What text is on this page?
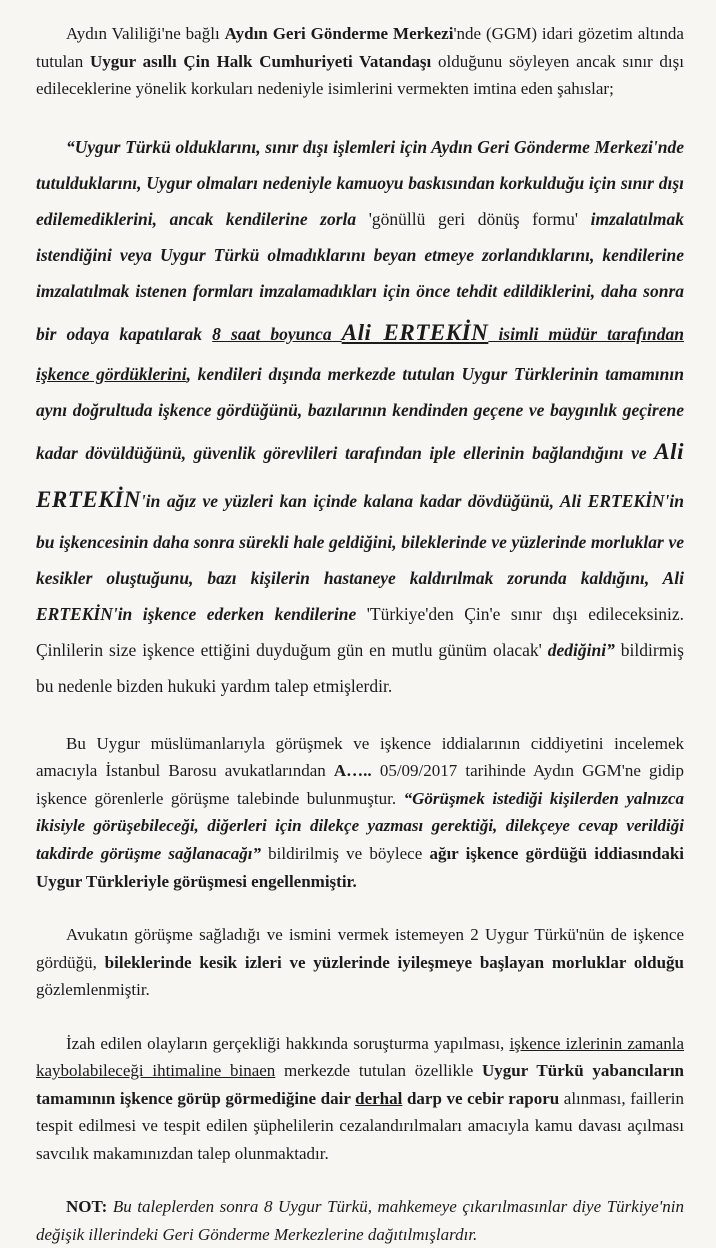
Aydın Valiliği'ne bağlı Aydın Geri Gönderme Merkezi'nde (GGM) idari gözetim altında tutulan Uygur asıllı Çin Halk Cumhuriyeti Vatandaşı olduğunu söyleyen ancak sınır dışı edileceklerine yönelik korkuları nedeniyle isimlerini vermekten imtina eden şahıslar;

“Uygur Türkü olduklarını, sınır dışı işlemleri için Aydın Geri Gönderme Merkezi'nde tutulduklarını, Uygur olmaları nedeniyle kamuoyu baskısından korkulduğu için sınır dışı edilemediklerini, ancak kendilerine zorla 'gönüllü geri dönüş formu' imzalatılmak istendiğini veya Uygur Türkü olmadıklarını beyan etmeye zorlandıklarını, kendilerine imzalatılmak istenen formları imzalamadıkları için önce tehdit edildiklerini, daha sonra bir odaya kapatılarak 8 saat boyunca Ali ERTEKİN isimli müdür tarafından işkence gördüklerini, kendileri dışında merkezde tutulan Uygur Türklerinin tamamının aynı doğrultuda işkence gördüğünü, bazılarının kendinden geçene ve baygınlık geçirene kadar dövüldüğünü, güvenlik görevlileri tarafından iple ellerinin bağlandığını ve Ali ERTEKİN'in ağız ve yüzleri kan içinde kalana kadar dövdüğünü, Ali ERTEKİN'in bu işkencesinin daha sonra sürekli hale geldiğini, bileklerinde ve yüzlerinde morluklar ve kesikler oluştuğunu, bazı kişilerin hastaneye kaldırılmak zorunda kaldığını, Ali ERTEKİN'in işkence ederken kendilerine 'Türkiye'den Çin'e sınır dışı edileceksiniz. Çinlilerin size işkence ettiğini duyduğum gün en mutlu günüm olacak' dediğini” bildirmiş bu nedenle bizden hukuki yardım talep etmişlerdir.

Bu Uygur müslümanlarıyla görüşmek ve işkence iddialarının ciddiyetini incelemek amacıyla İstanbul Barosu avukatlarından A….. 05/09/2017 tarihinde Aydın GGM'ne gidip işkence görenlerle görüşme talebinde bulunmuştur. “Görüşmek istediği kişilerden yalnızca ikisiyle görüşebileceği, diğerleri için dilekçe yazması gerektiği, dilekçeye cevap verildiği takdirde görüşme sağlanacağı” bildirilmiş ve böylece ağır işkence gördüğü iddiasındaki Uygur Türkleriyle görüşmesi engellenmiştir.

Avukatın görüşme sağladığı ve ismini vermek istemeyen 2 Uygur Türkü'nün de işkence gördüğü, bileklerinde kesik izleri ve yüzlerinde iyileşmeye başlayan morluklar olduğu gözlemlenmiştir.

İzah edilen olayların gerçekliği hakkında soruşturma yapılması, işkence izlerinin zamanla kaybolabileceği ihtimaline binaen merkezde tutulan özellikle Uygur Türkü yabancıların tamamının işkence görüp görmediğine dair derhal darp ve cebir raporu alınması, faillerin tespit edilmesi ve tespit edilen şüphelilerin cezalandırılmaları amacıyla kamu davası açılması savcılık makamınızdan talep olunmaktadır.

NOT: Bu taleplerden sonra 8 Uygur Türkü, mahkemeye çıkarılmasınlar diye Türkiye'nin değişik illerindeki Geri Gönderme Merkezlerine dağıtılmışlardır.
